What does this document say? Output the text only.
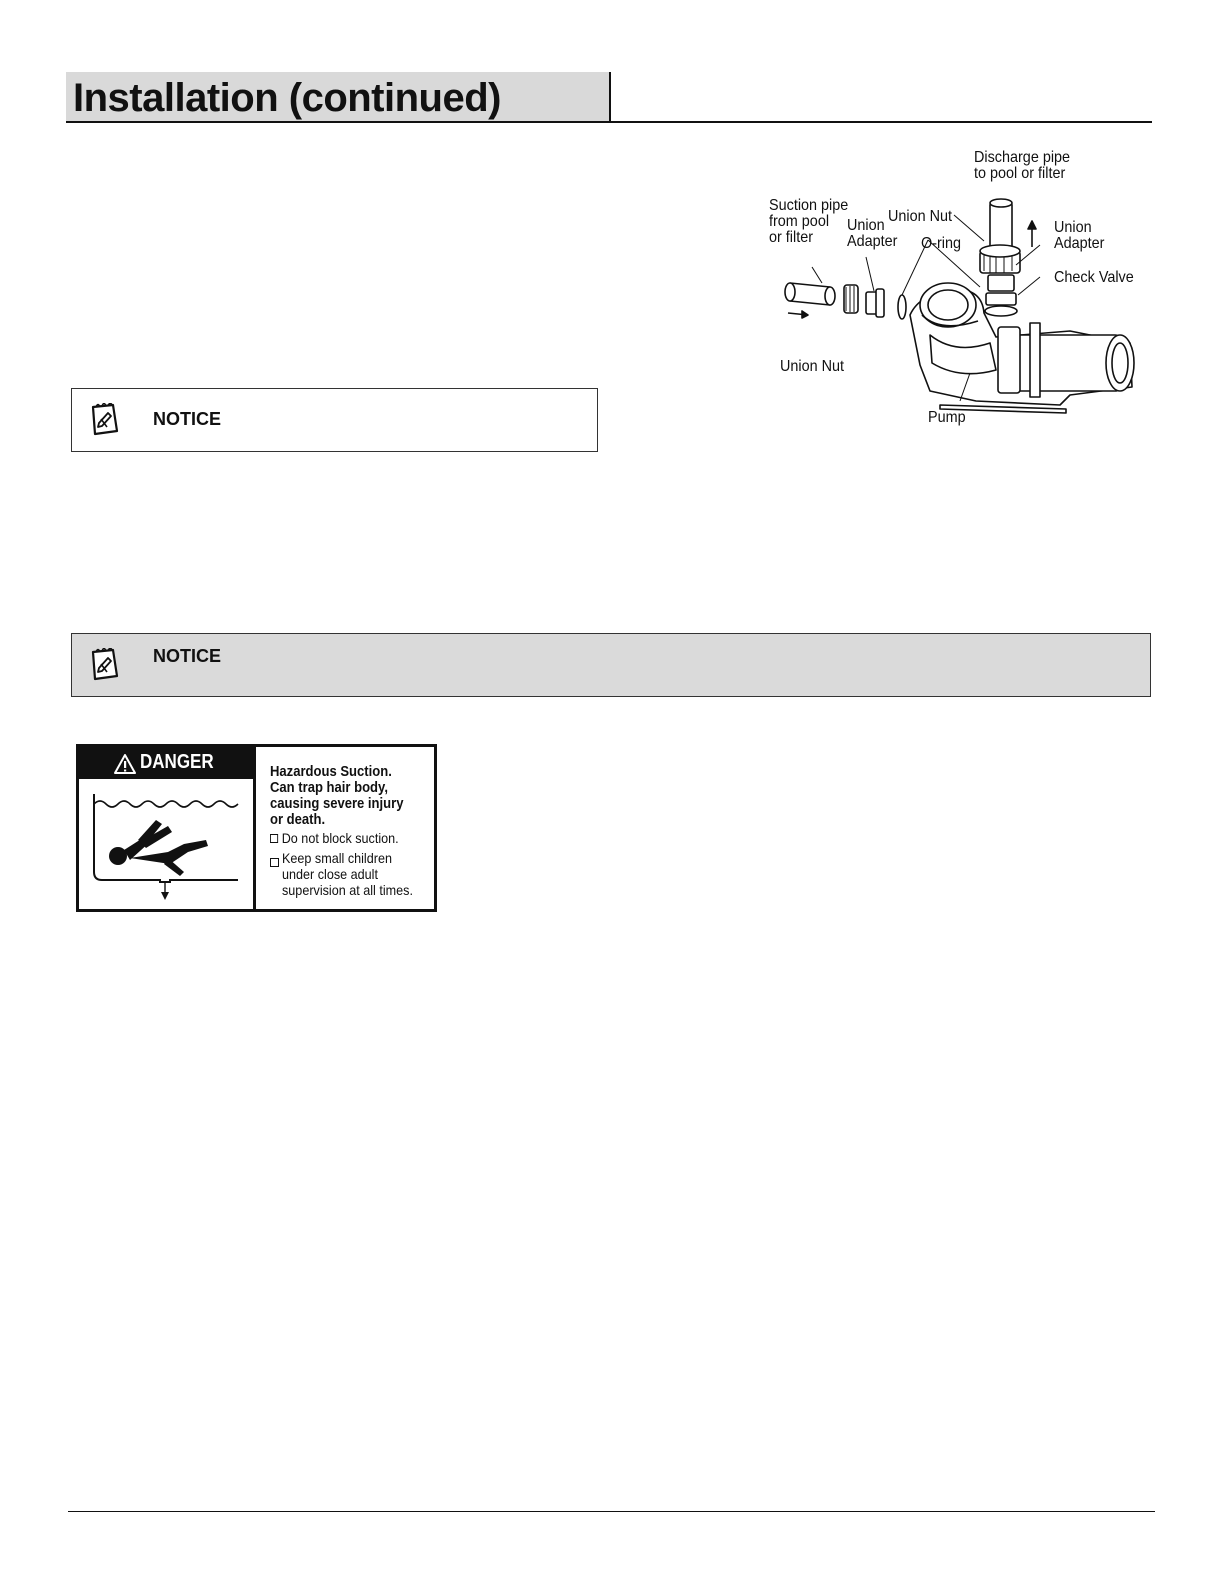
Installation (continued)
NOTICE
NOTICE
Discharge pipe
to pool or filter
Suction pipe
from pool
or filter
Union
Adapter
Union Nut
O-ring
Union
Adapter
Check Valve
Union Nut
Pump
DANGER	Hazardous Suction.
Can trap hair body,
causing severe injury
or death.
Do not block suction.
Keep small children
under close adult
supervision at all times.
